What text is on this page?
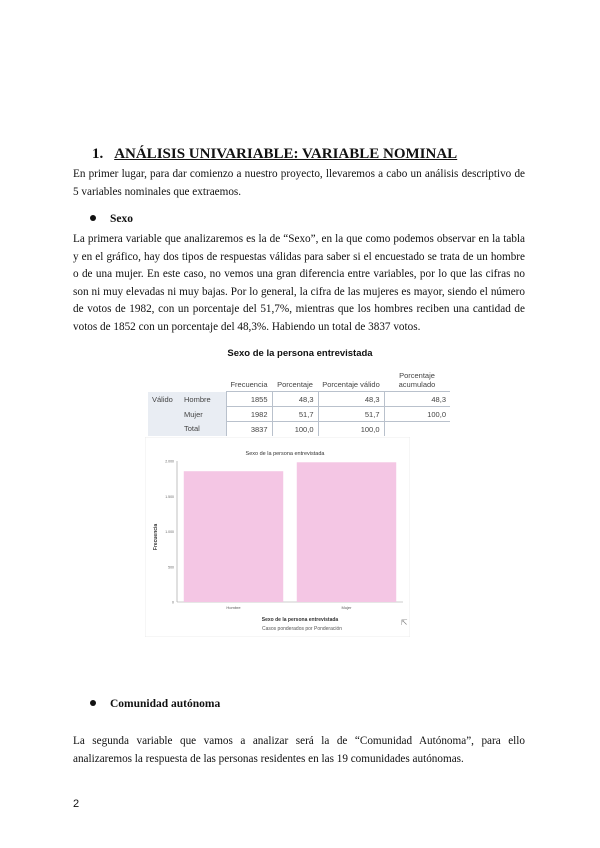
1. ANÁLISIS UNIVARIABLE: VARIABLE NOMINAL
En primer lugar, para dar comienzo a nuestro proyecto, llevaremos a cabo un análisis descriptivo de 5 variables nominales que extraemos.
Sexo
La primera variable que analizaremos es la de “Sexo”, en la que como podemos observar en la tabla y en el gráfico, hay dos tipos de respuestas válidas para saber si el encuestado se trata de un hombre o de una mujer. En este caso, no vemos una gran diferencia entre variables, por lo que las cifras no son ni muy elevadas ni muy bajas. Por lo general, la cifra de las mujeres es mayor, siendo el número de votos de 1982, con un porcentaje del 51,7%, mientras que los hombres reciben una cantidad de votos de 1852 con un porcentaje del 48,3%. Habiendo un total de 3837 votos.
Sexo de la persona entrevistada
		Frecuencia	Porcentaje	Porcentaje válido	Porcentaje acumulado
Válido	Hombre	1855	48,3	48,3	48,3
	Mujer	1982	51,7	51,7	100,0
	Total	3837	100,0	100,0	
Sexo de la persona entrevistada
Frecuencia
Sexo de la persona entrevistada
0
500
1.000
1.500
2.000
Hombre	Mujer
Casos ponderados por Ponderación
⇱
Comunidad autónoma
La segunda variable que vamos a analizar será la de “Comunidad Autónoma”, para ello analizaremos la respuesta de las personas residentes en las 19 comunidades autónomas.
2
